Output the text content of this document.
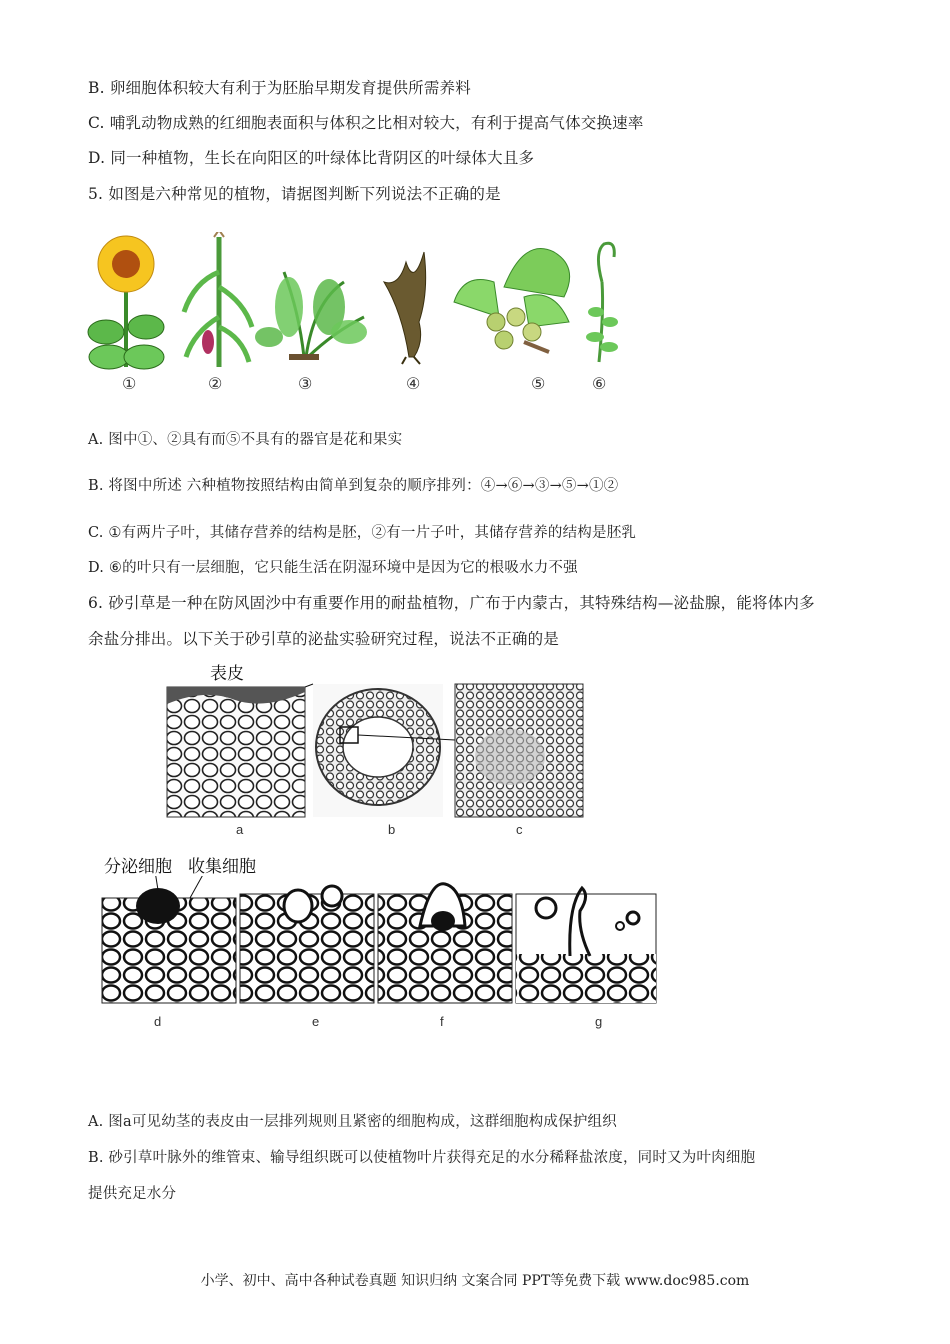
B. 卵细胞体积较大有利于为胚胎早期发育提供所需养料
C. 哺乳动物成熟的红细胞表面积与体积之比相对较大，有利于提高气体交换速率
D. 同一种植物，生长在向阳区的叶绿体比背阴区的叶绿体大且多
5. 如图是六种常见的植物，请据图判断下列说法不正确的是
①	②	③	④	⑤	⑥
A. 图中①、②具有而⑤不具有的器官是花和果实
B. 将图中所述 六种植物按照结构由简单到复杂的顺序排列：④→⑥→③→⑤→①②
C. ①有两片子叶，其储存营养的结构是胚，②有一片子叶，其储存营养的结构是胚乳
D. ⑥的叶只有一层细胞，它只能生活在阴湿环境中是因为它的根吸水力不强
6. 砂引草是一种在防风固沙中有重要作用的耐盐植物，广布于内蒙古，其特殊结构—泌盐腺，能将体内多
余盐分排出。以下关于砂引草的泌盐实验研究过程，说法不正确的是
表皮
a	b	c
分泌细胞 收集细胞
d	e	f	g
A. 图a可见幼茎的表皮由一层排列规则且紧密的细胞构成，这群细胞构成保护组织
B. 砂引草叶脉外的维管束、输导组织既可以使植物叶片获得充足的水分稀释盐浓度，同时又为叶肉细胞
提供充足水分
小学、初中、高中各种试卷真题 知识归纳 文案合同 PPT等免费下载 www.doc985.com
